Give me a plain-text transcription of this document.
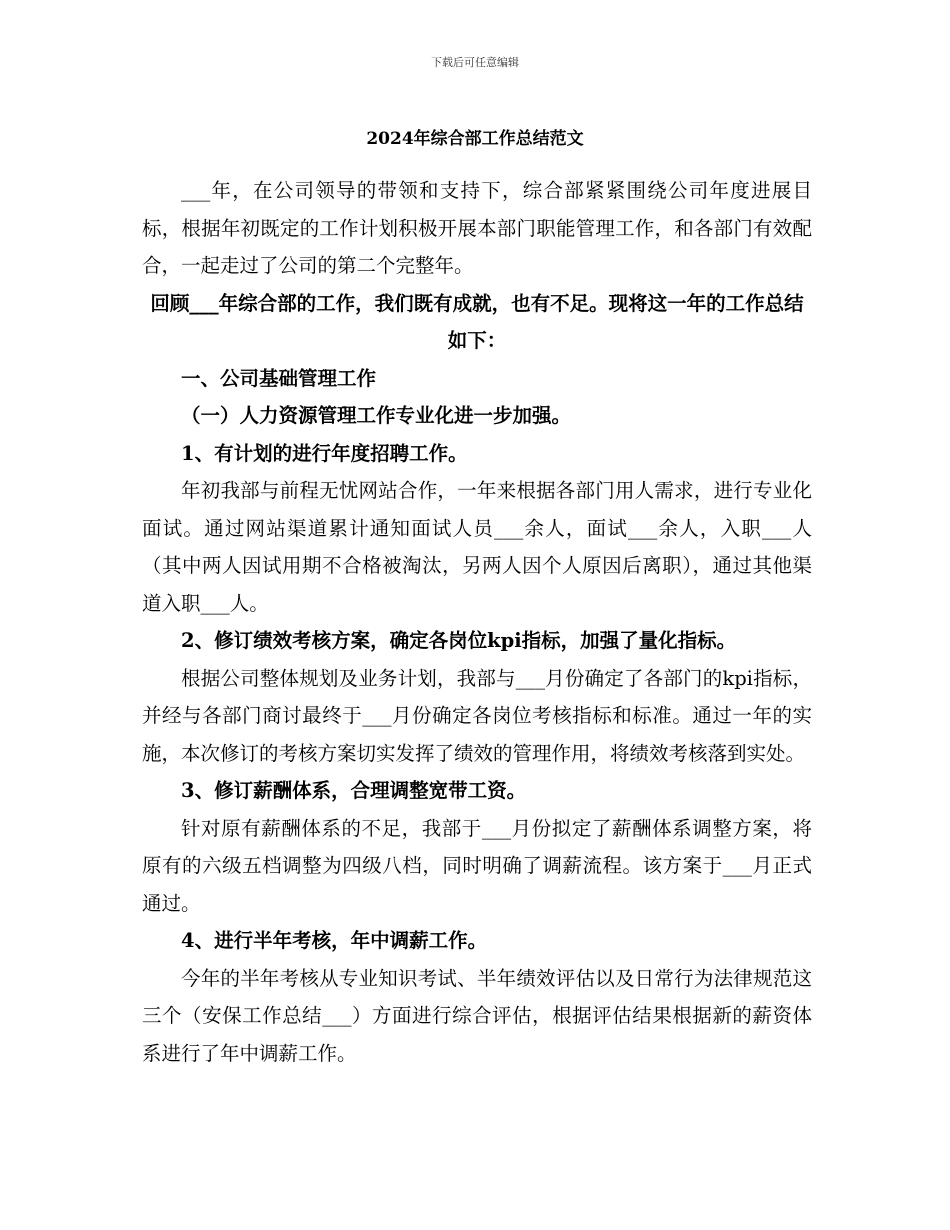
下载后可任意编辑
2024年综合部工作总结范文

___年，在公司领导的带领和支持下，综合部紧紧围绕公司年度进展目标，根据年初既定的工作计划积极开展本部门职能管理工作，和各部门有效配合，一起走过了公司的第二个完整年。

回顾___年综合部的工作，我们既有成就，也有不足。现将这一年的工作总结如下：

一、公司基础管理工作

（一）人力资源管理工作专业化进一步加强。

1、有计划的进行年度招聘工作。

年初我部与前程无忧网站合作，一年来根据各部门用人需求，进行专业化面试。通过网站渠道累计通知面试人员___余人，面试___余人，入职___人（其中两人因试用期不合格被淘汰，另两人因个人原因后离职），通过其他渠道入职___人。

2、修订绩效考核方案，确定各岗位kpi指标，加强了量化指标。

根据公司整体规划及业务计划，我部与___月份确定了各部门的kpi指标，并经与各部门商讨最终于___月份确定各岗位考核指标和标准。通过一年的实施，本次修订的考核方案切实发挥了绩效的管理作用，将绩效考核落到实处。

3、修订薪酬体系，合理调整宽带工资。

针对原有薪酬体系的不足，我部于___月份拟定了薪酬体系调整方案，将原有的六级五档调整为四级八档，同时明确了调薪流程。该方案于___月正式通过。

4、进行半年考核，年中调薪工作。

今年的半年考核从专业知识考试、半年绩效评估以及日常行为法律规范这三个（安保工作总结___）方面进行综合评估，根据评估结果根据新的薪资体系进行了年中调薪工作。
